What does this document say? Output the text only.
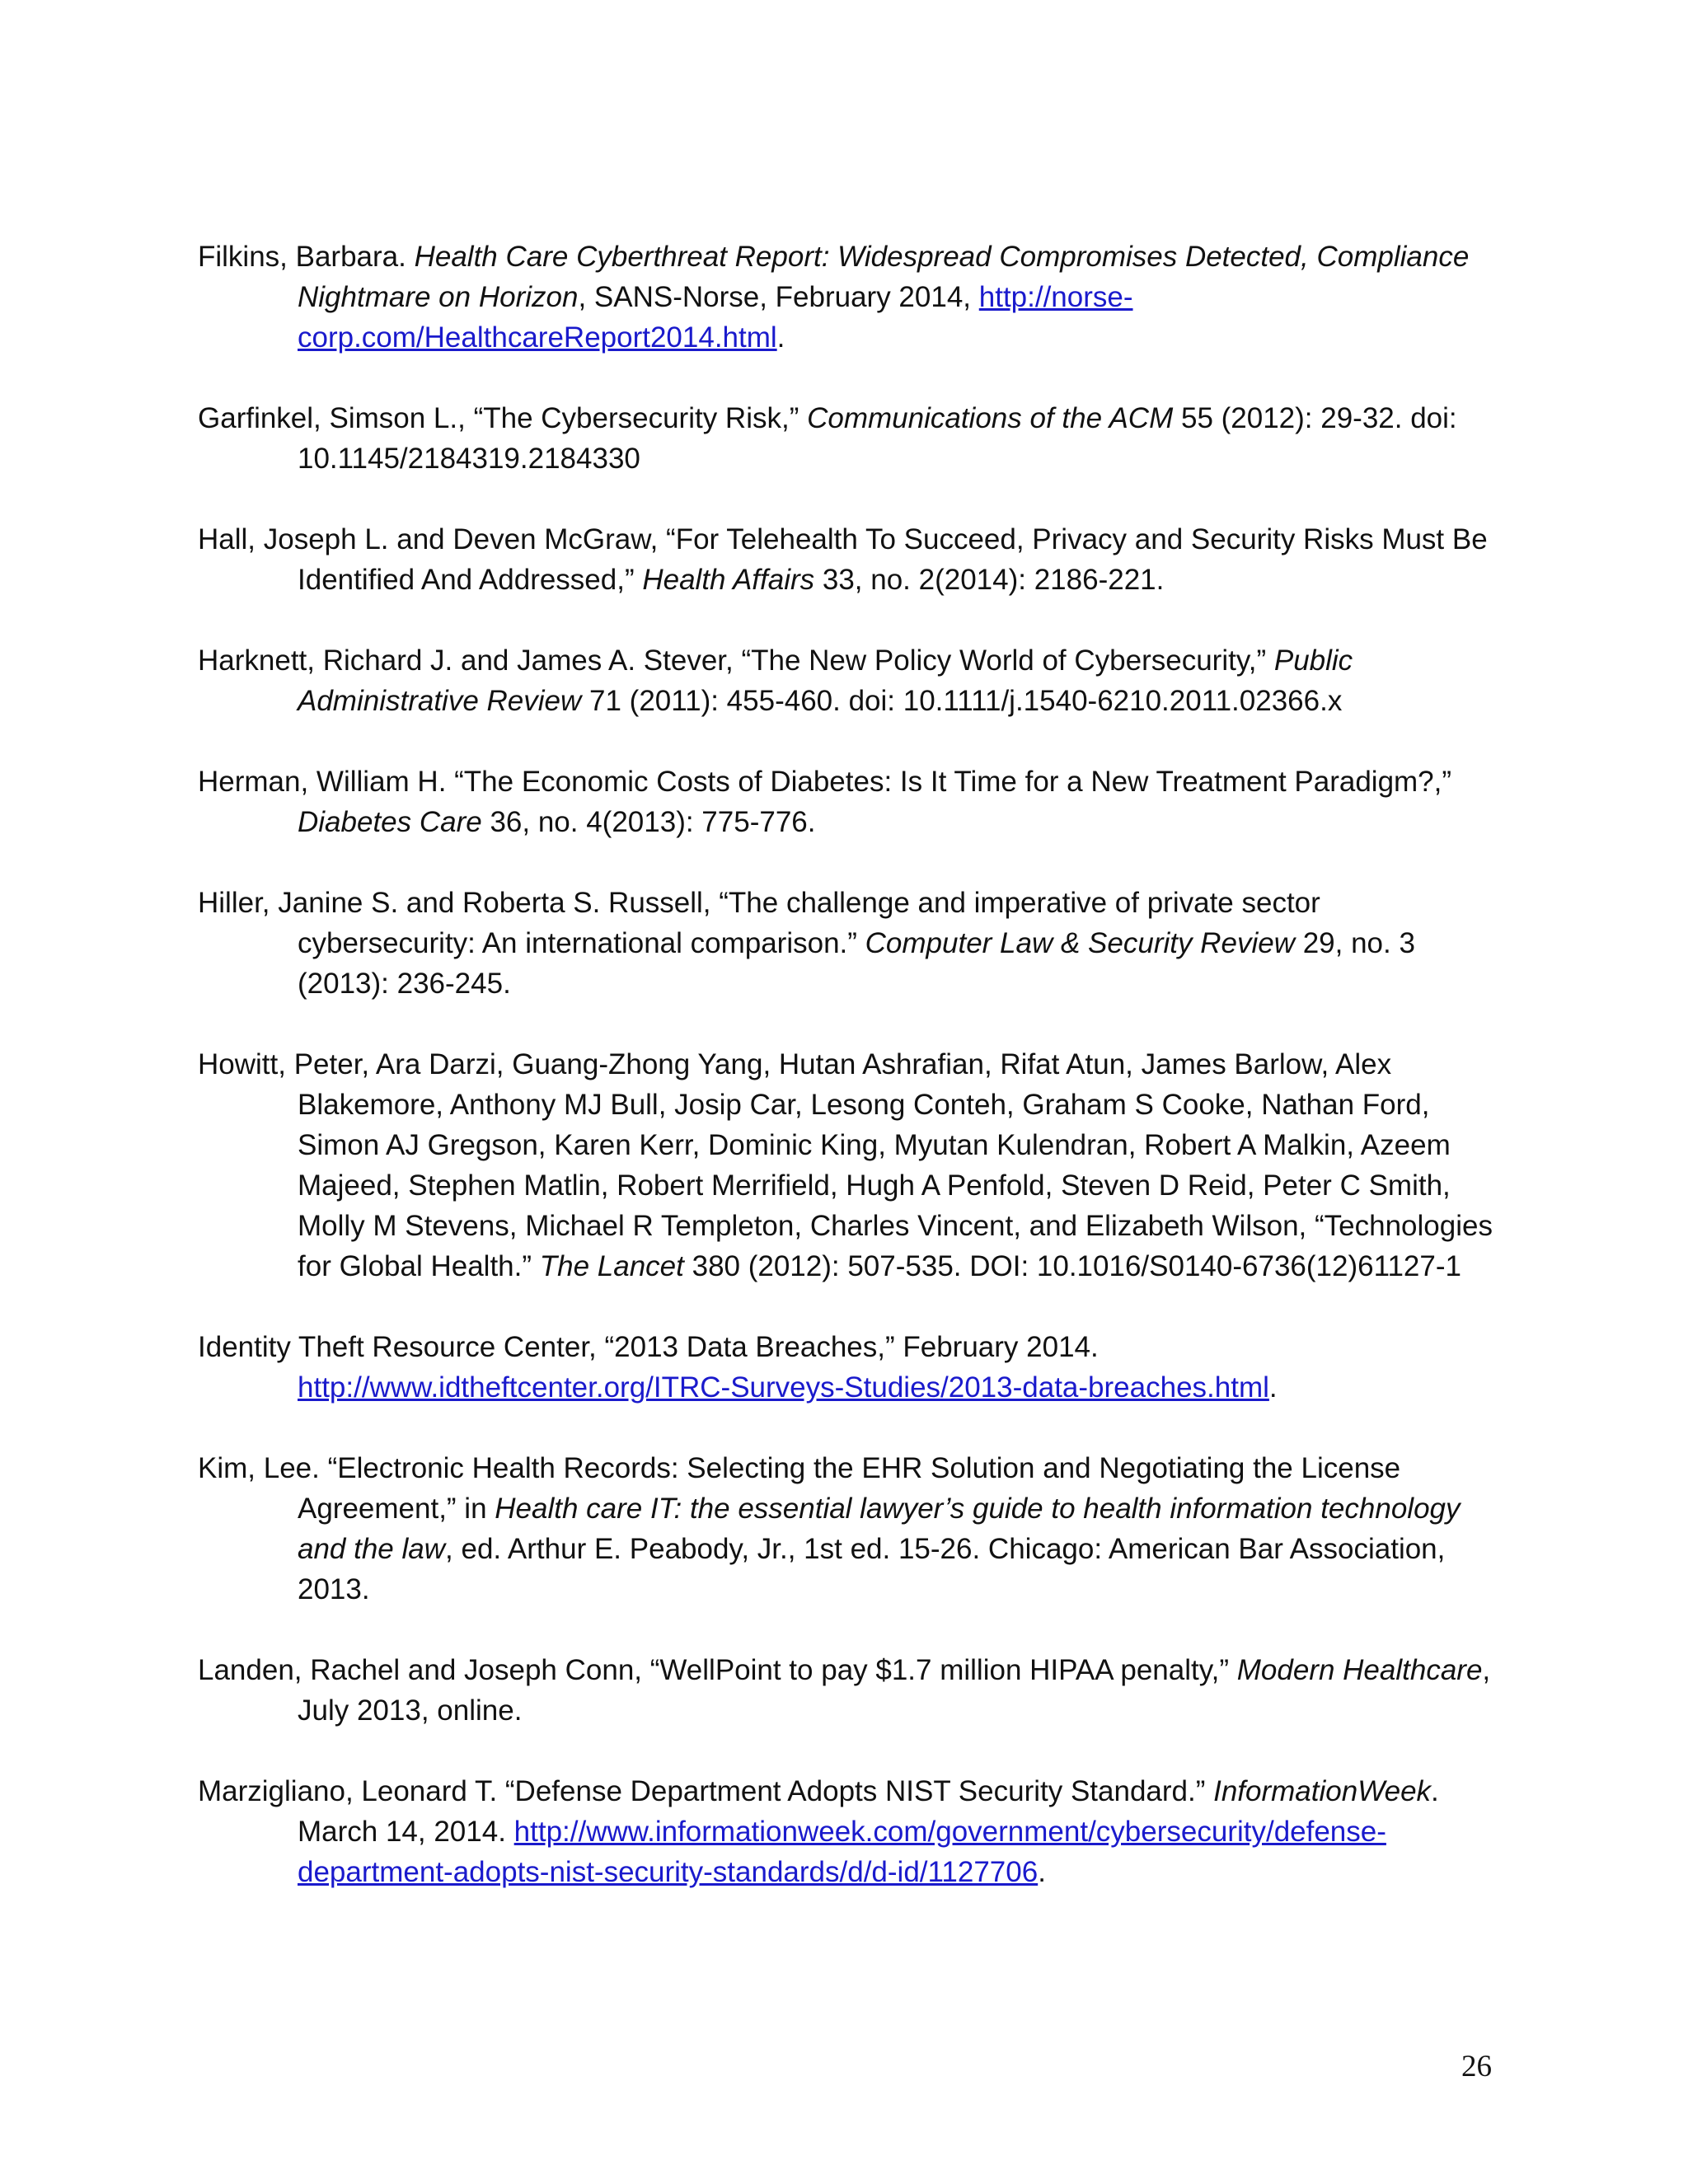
Filkins, Barbara. Health Care Cyberthreat Report: Widespread Compromises Detected, Compliance Nightmare on Horizon, SANS-Norse, February 2014, http://norse-corp.com/HealthcareReport2014.html.

Garfinkel, Simson L., “The Cybersecurity Risk,” Communications of the ACM 55 (2012): 29-32. doi: 10.1145/2184319.2184330

Hall, Joseph L. and Deven McGraw, “For Telehealth To Succeed, Privacy and Security Risks Must Be Identified And Addressed,” Health Affairs 33, no. 2(2014): 2186-221.

Harknett, Richard J. and James A. Stever, “The New Policy World of Cybersecurity,” Public Administrative Review 71 (2011): 455-460. doi: 10.1111/j.1540-6210.2011.02366.x

Herman, William H. “The Economic Costs of Diabetes: Is It Time for a New Treatment Paradigm?,” Diabetes Care 36, no. 4(2013): 775-776.

Hiller, Janine S. and Roberta S. Russell, “The challenge and imperative of private sector cybersecurity: An international comparison.” Computer Law & Security Review 29, no. 3 (2013): 236-245.

Howitt, Peter, Ara Darzi, Guang-Zhong Yang, Hutan Ashrafian, Rifat Atun, James Barlow, Alex Blakemore, Anthony MJ Bull, Josip Car, Lesong Conteh, Graham S Cooke, Nathan Ford, Simon AJ Gregson, Karen Kerr, Dominic King, Myutan Kulendran, Robert A Malkin, Azeem Majeed, Stephen Matlin, Robert Merrifield, Hugh A Penfold, Steven D Reid, Peter C Smith, Molly M Stevens, Michael R Templeton, Charles Vincent, and Elizabeth Wilson, “Technologies for Global Health.” The Lancet 380 (2012): 507-535. DOI: 10.1016/S0140-6736(12)61127-1

Identity Theft Resource Center, “2013 Data Breaches,” February 2014. http://www.idtheftcenter.org/ITRC-Surveys-Studies/2013-data-breaches.html.

Kim, Lee. “Electronic Health Records: Selecting the EHR Solution and Negotiating the License Agreement,” in Health care IT: the essential lawyer’s guide to health information technology and the law, ed. Arthur E. Peabody, Jr., 1st ed. 15-26. Chicago: American Bar Association, 2013.

Landen, Rachel and Joseph Conn, “WellPoint to pay $1.7 million HIPAA penalty,” Modern Healthcare, July 2013, online.

Marzigliano, Leonard T. “Defense Department Adopts NIST Security Standard.” InformationWeek. March 14, 2014. http://www.informationweek.com/government/cybersecurity/defense-department-adopts-nist-security-standards/d/d-id/1127706.

26
